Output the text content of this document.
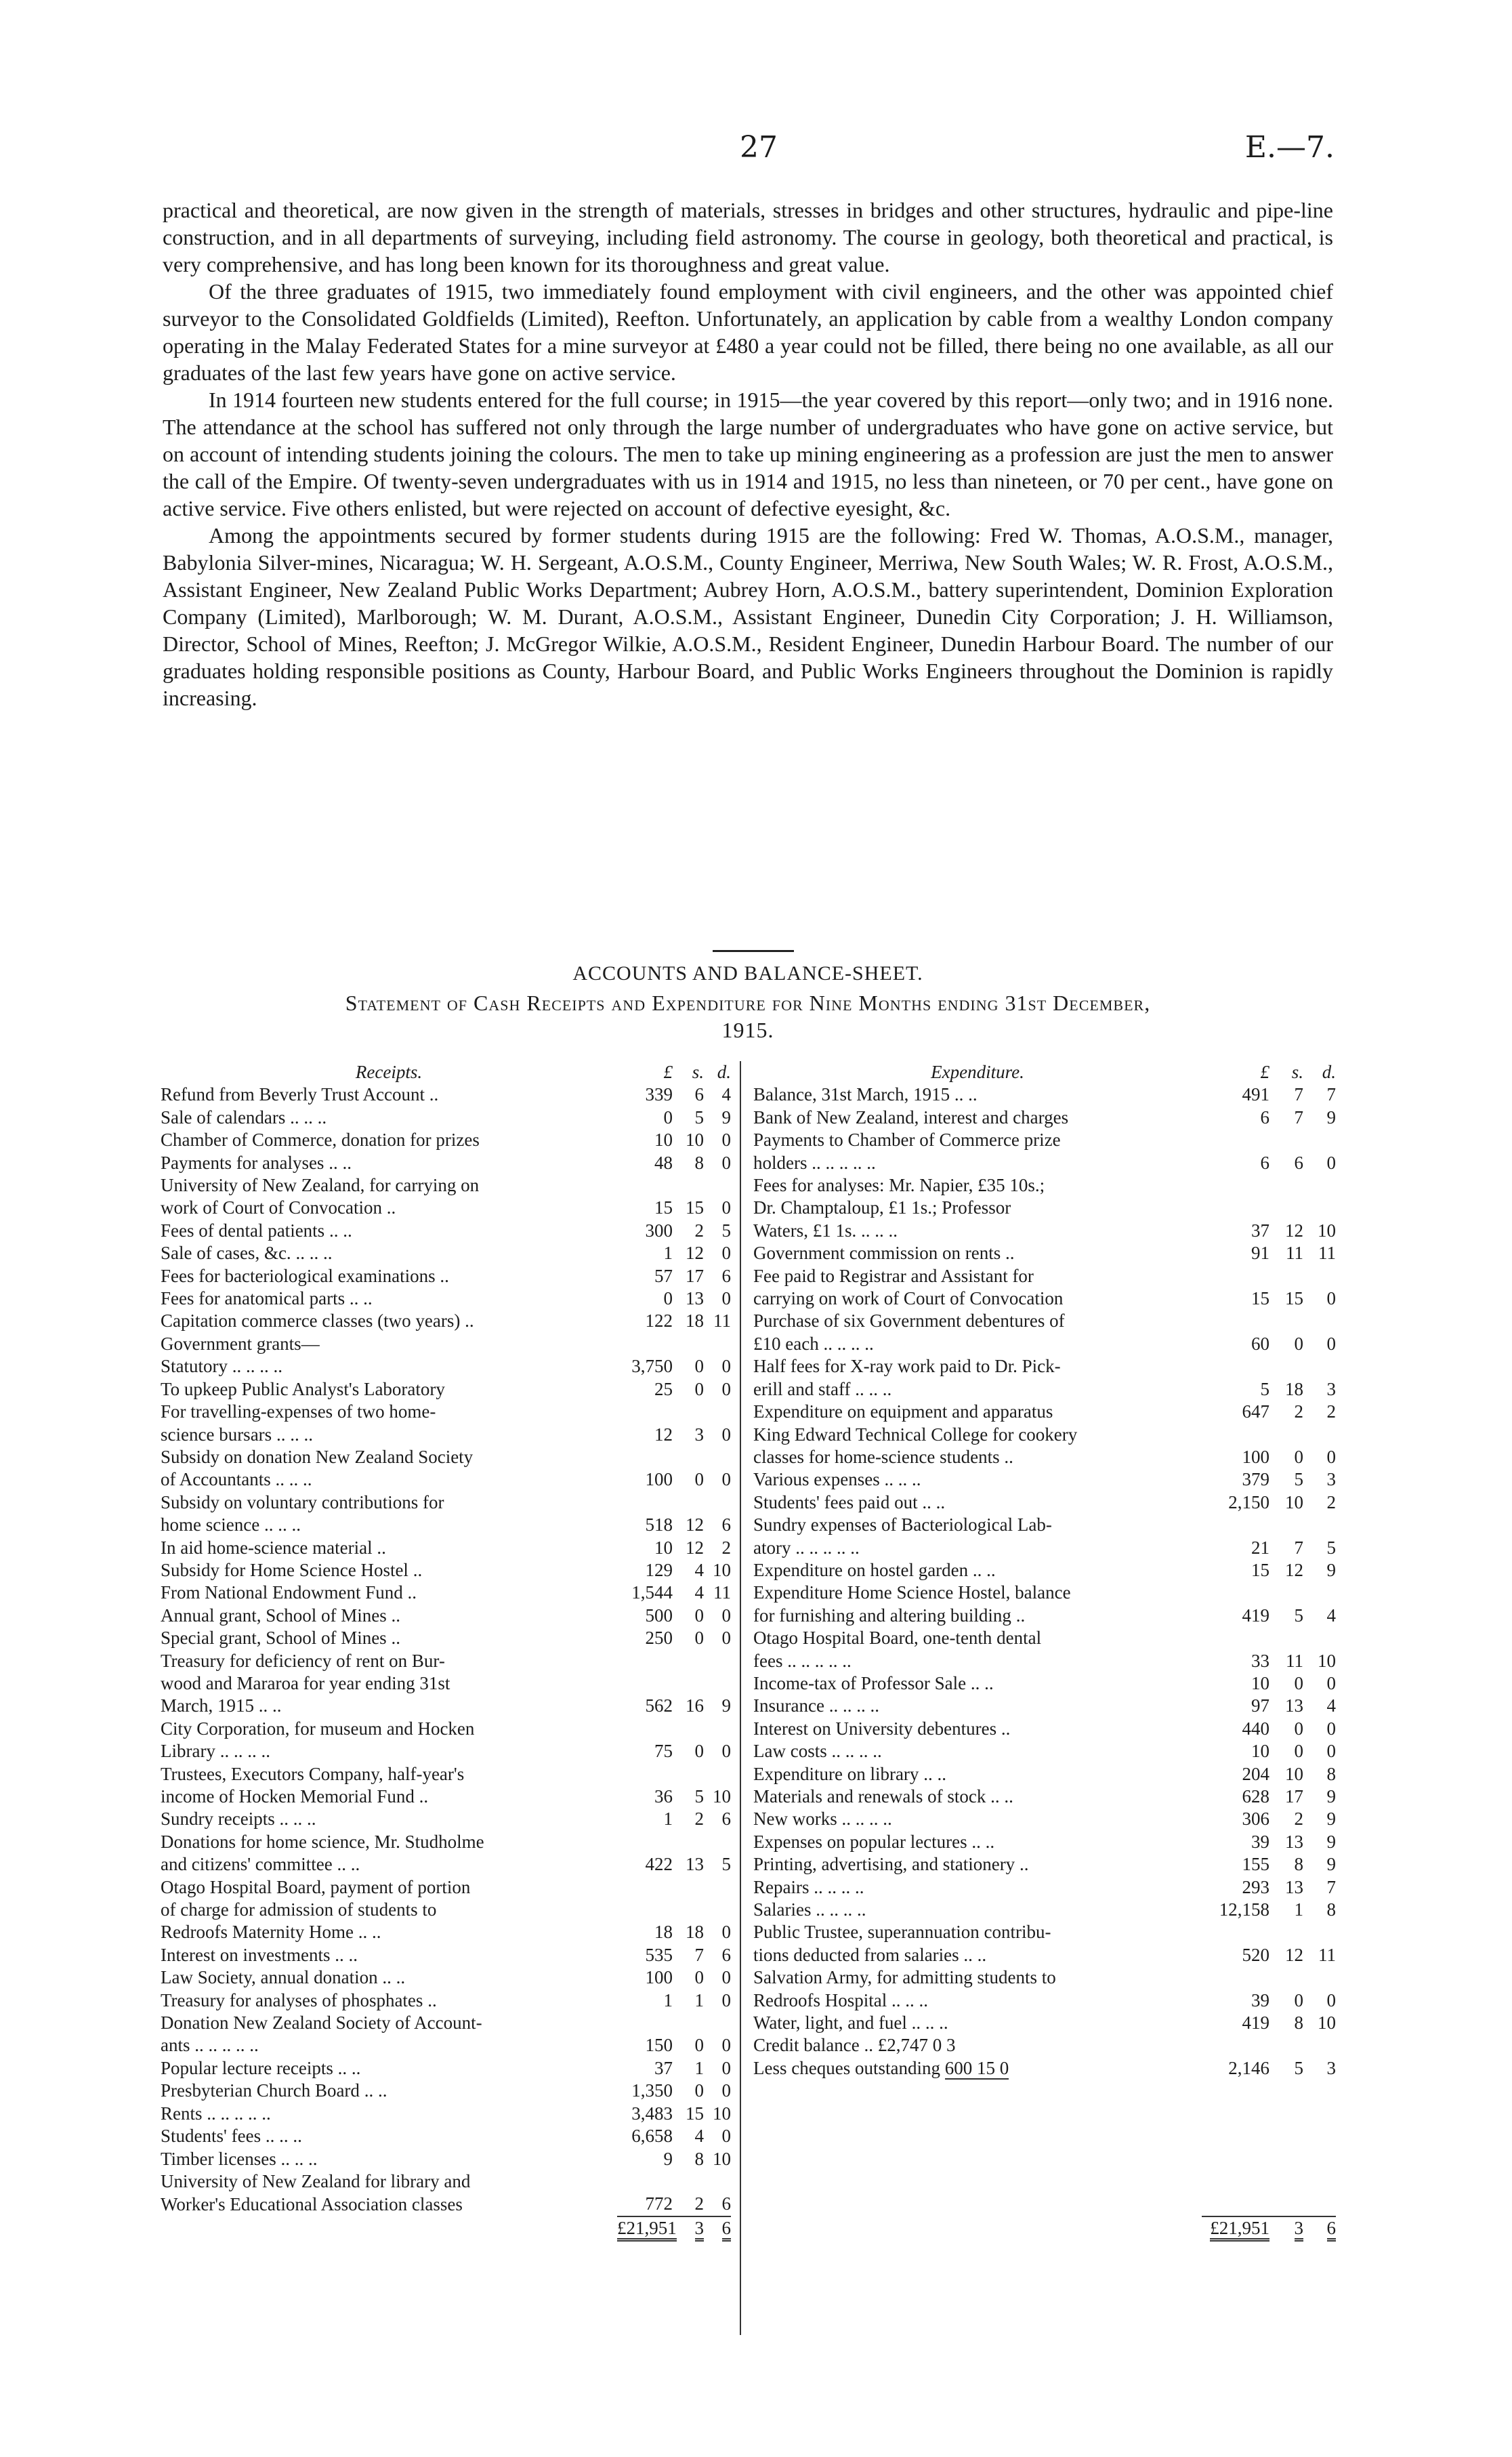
27	E.—7.

practical and theoretical, are now given in the strength of materials, stresses in bridges and other structures, hydraulic and pipe-line construction, and in all departments of surveying, including field astronomy. The course in geology, both theoretical and practical, is very comprehensive, and has long been known for its thoroughness and great value.

Of the three graduates of 1915, two immediately found employment with civil engineers, and the other was appointed chief surveyor to the Consolidated Goldfields (Limited), Reefton. Unfortunately, an application by cable from a wealthy London company operating in the Malay Federated States for a mine surveyor at £480 a year could not be filled, there being no one available, as all our graduates of the last few years have gone on active service.

In 1914 fourteen new students entered for the full course; in 1915—the year covered by this report—only two; and in 1916 none. The attendance at the school has suffered not only through the large number of undergraduates who have gone on active service, but on account of intending students joining the colours. The men to take up mining engineering as a profession are just the men to answer the call of the Empire. Of twenty-seven undergraduates with us in 1914 and 1915, no less than nineteen, or 70 per cent., have gone on active service. Five others enlisted, but were rejected on account of defective eyesight, &c.

Among the appointments secured by former students during 1915 are the following: Fred W. Thomas, A.O.S.M., manager, Babylonia Silver-mines, Nicaragua; W. H. Sergeant, A.O.S.M., County Engineer, Merriwa, New South Wales; W. R. Frost, A.O.S.M., Assistant Engineer, New Zealand Public Works Department; Aubrey Horn, A.O.S.M., battery superintendent, Dominion Exploration Company (Limited), Marlborough; W. M. Durant, A.O.S.M., Assistant Engineer, Dunedin City Corporation; J. H. Williamson, Director, School of Mines, Reefton; J. McGregor Wilkie, A.O.S.M., Resident Engineer, Dunedin Harbour Board. The number of our graduates holding responsible positions as County, Harbour Board, and Public Works Engineers throughout the Dominion is rapidly increasing.

ACCOUNTS AND BALANCE-SHEET.
Statement of Cash Receipts and Expenditure for Nine Months ending 31st December,
1915.
Receipts.	£	s.	d.
Refund from Beverly Trust Account ..	339	6	4
Sale of calendars .. .. ..	0	5	9
Chamber of Commerce, donation for prizes	10	10	0
Payments for analyses .. ..	48	8	0
University of New Zealand, for carrying on			
work of Court of Convocation ..	15	15	0
Fees of dental patients .. ..	300	2	5
Sale of cases, &c. .. .. ..	1	12	0
Fees for bacteriological examinations ..	57	17	6
Fees for anatomical parts .. ..	0	13	0
Capitation commerce classes (two years) ..	122	18	11
Government grants—			
Statutory .. .. .. ..	3,750	0	0
To upkeep Public Analyst's Laboratory	25	0	0
For travelling-expenses of two home-			
science bursars .. .. ..	12	3	0
Subsidy on donation New Zealand Society			
of Accountants .. .. ..	100	0	0
Subsidy on voluntary contributions for			
home science .. .. ..	518	12	6
In aid home-science material ..	10	12	2
Subsidy for Home Science Hostel ..	129	4	10
From National Endowment Fund ..	1,544	4	11
Annual grant, School of Mines ..	500	0	0
Special grant, School of Mines ..	250	0	0
Treasury for deficiency of rent on Bur-			
wood and Mararoa for year ending 31st			
March, 1915 .. ..	562	16	9
City Corporation, for museum and Hocken			
Library .. .. .. ..	75	0	0
Trustees, Executors Company, half-year's			
income of Hocken Memorial Fund ..	36	5	10
Sundry receipts .. .. ..	1	2	6
Donations for home science, Mr. Studholme			
and citizens' committee .. ..	422	13	5
Otago Hospital Board, payment of portion			
of charge for admission of students to			
Redroofs Maternity Home .. ..	18	18	0
Interest on investments .. ..	535	7	6
Law Society, annual donation .. ..	100	0	0
Treasury for analyses of phosphates ..	1	1	0
Donation New Zealand Society of Account-			
ants .. .. .. .. ..	150	0	0
Popular lecture receipts .. ..	37	1	0
Presbyterian Church Board .. ..	1,350	0	0
Rents .. .. .. .. ..	3,483	15	10
Students' fees .. .. ..	6,658	4	0
Timber licenses .. .. ..	9	8	10
University of New Zealand for library and			
Worker's Educational Association classes	772	2	6
	£21,951	3	6
Expenditure.	£	s.	d.
Balance, 31st March, 1915 .. ..	491	7	7
Bank of New Zealand, interest and charges	6	7	9
Payments to Chamber of Commerce prize			
holders .. .. .. .. ..	6	6	0
Fees for analyses: Mr. Napier, £35 10s.;			
Dr. Champtaloup, £1 1s.; Professor			
Waters, £1 1s. .. .. ..	37	12	10
Government commission on rents ..	91	11	11
Fee paid to Registrar and Assistant for			
carrying on work of Court of Convocation	15	15	0
Purchase of six Government debentures of			
£10 each .. .. .. ..	60	0	0
Half fees for X-ray work paid to Dr. Pick-			
erill and staff .. .. ..	5	18	3
Expenditure on equipment and apparatus	647	2	2
King Edward Technical College for cookery			
classes for home-science students ..	100	0	0
Various expenses .. .. ..	379	5	3
Students' fees paid out .. ..	2,150	10	2
Sundry expenses of Bacteriological Lab-			
atory .. .. .. .. ..	21	7	5
Expenditure on hostel garden .. ..	15	12	9
Expenditure Home Science Hostel, balance			
for furnishing and altering building ..	419	5	4
Otago Hospital Board, one-tenth dental			
fees .. .. .. .. ..	33	11	10
Income-tax of Professor Sale .. ..	10	0	0
Insurance .. .. .. ..	97	13	4
Interest on University debentures ..	440	0	0
Law costs .. .. .. ..	10	0	0
Expenditure on library .. ..	204	10	8
Materials and renewals of stock .. ..	628	17	9
New works .. .. .. ..	306	2	9
Expenses on popular lectures .. ..	39	13	9
Printing, advertising, and stationery ..	155	8	9
Repairs .. .. .. ..	293	13	7
Salaries .. .. .. ..	12,158	1	8
Public Trustee, superannuation contribu-			
tions deducted from salaries .. ..	520	12	11
Salvation Army, for admitting students to			
Redroofs Hospital .. .. ..	39	0	0
Water, light, and fuel .. .. ..	419	8	10
Credit balance .. £2,747 0 3			
Less cheques outstanding 600 15 0	2,146	5	3

	£21,951	3	6
